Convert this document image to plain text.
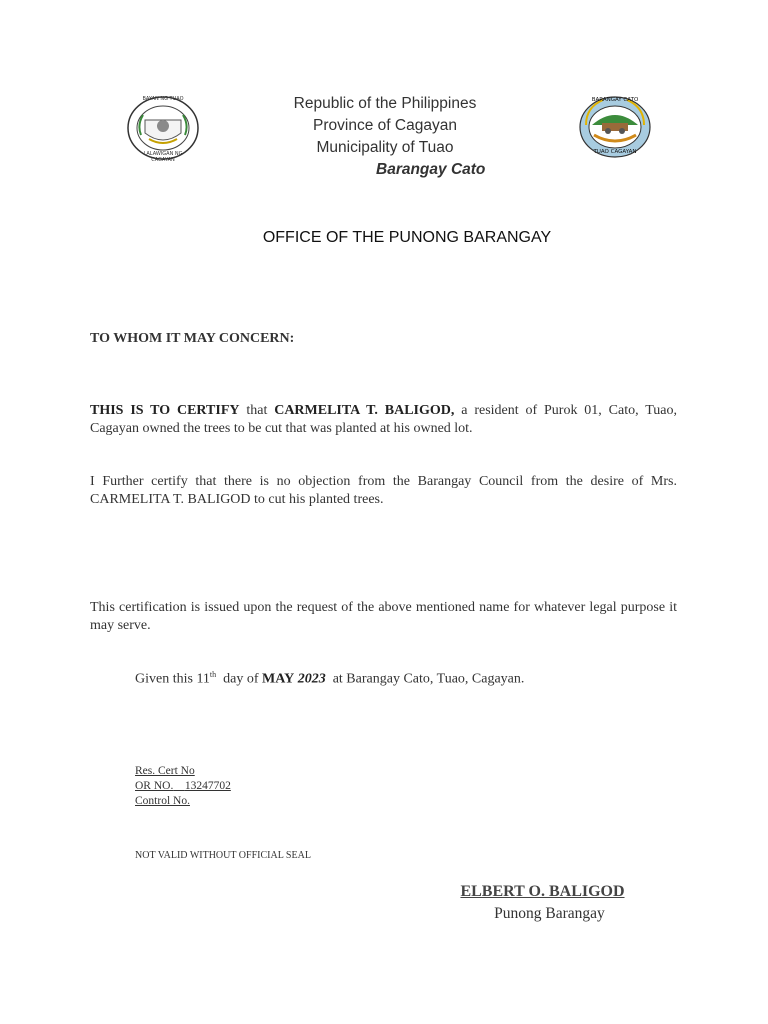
BAYAN NG TUAO
LALAWIGAN NG CAGAYAN
BARANGAY CATO
TUAO CAGAYAN
Republic of the Philippines
Province of Cagayan
Municipality of Tuao
Barangay Cato
OFFICE OF THE PUNONG BARANGAY
TO WHOM IT MAY CONCERN:
THIS IS TO CERTIFY that CARMELITA T. BALIGOD, a resident of Purok 01, Cato, Tuao, Cagayan owned the trees to be cut that was planted at his owned lot.
I Further certify that there is no objection from the Barangay Council from the desire of Mrs. CARMELITA T. BALIGOD to cut his planted trees.
This certification is issued upon the request of the above mentioned name for whatever legal purpose it may serve.
Given this 11th  day of MAY 2023  at Barangay Cato, Tuao, Cagayan.
Res. Cert No
OR NO. 13247702
Control No.
NOT VALID WITHOUT OFFICIAL SEAL
ELBERT O. BALIGOD
Punong Barangay
